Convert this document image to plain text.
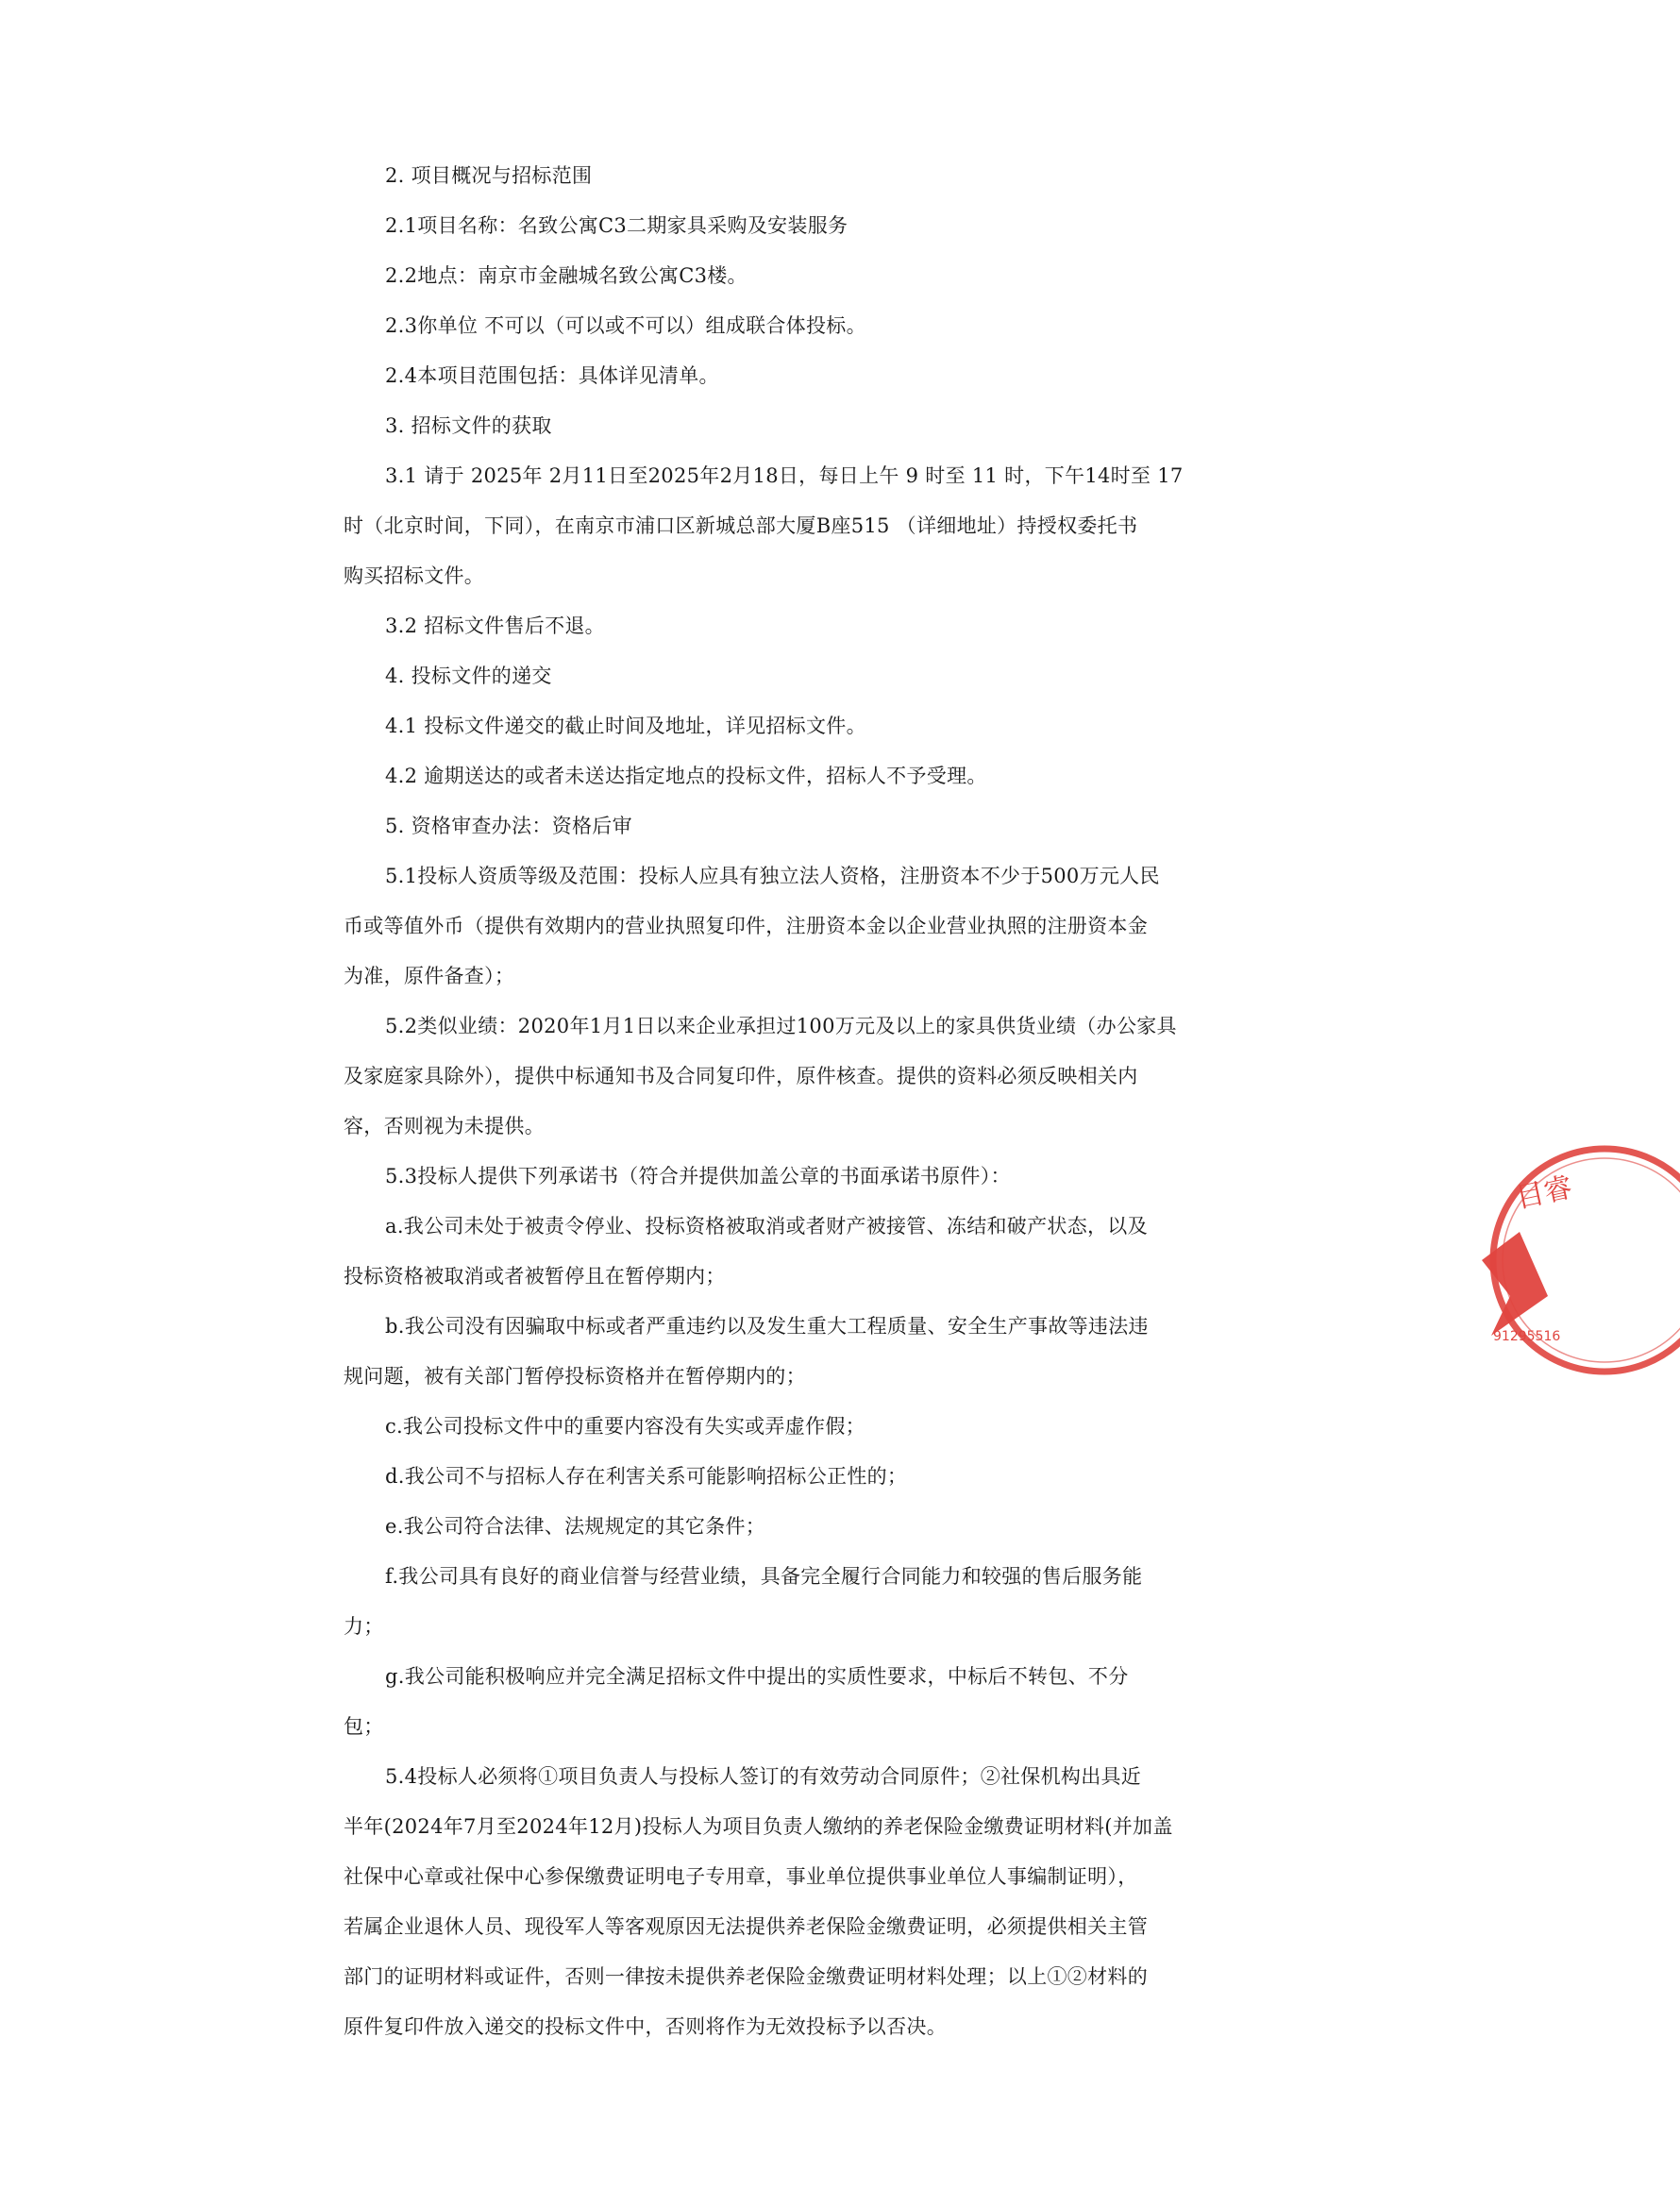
2. 项目概况与招标范围
2.1项目名称：名致公寓C3二期家具采购及安装服务
2.2地点：南京市金融城名致公寓C3楼。
2.3你单位 不可以（可以或不可以）组成联合体投标。
2.4本项目范围包括：具体详见清单。
3. 招标文件的获取
3.1 请于 2025年 2月11日至2025年2月18日，每日上午 9 时至 11 时，下午14时至 17
时（北京时间，下同），在南京市浦口区新城总部大厦B座515 （详细地址）持授权委托书
购买招标文件。
3.2 招标文件售后不退。
4. 投标文件的递交
4.1 投标文件递交的截止时间及地址，详见招标文件。
4.2 逾期送达的或者未送达指定地点的投标文件，招标人不予受理。
5. 资格审查办法：资格后审
5.1投标人资质等级及范围：投标人应具有独立法人资格，注册资本不少于500万元人民
币或等值外币（提供有效期内的营业执照复印件，注册资本金以企业营业执照的注册资本金
为准，原件备查）；
5.2类似业绩：2020年1月1日以来企业承担过100万元及以上的家具供货业绩（办公家具
及家庭家具除外），提供中标通知书及合同复印件，原件核查。提供的资料必须反映相关内
容，否则视为未提供。
5.3投标人提供下列承诺书（符合并提供加盖公章的书面承诺书原件）：
a.我公司未处于被责令停业、投标资格被取消或者财产被接管、冻结和破产状态，以及
投标资格被取消或者被暂停且在暂停期内；
b.我公司没有因骗取中标或者严重违约以及发生重大工程质量、安全生产事故等违法违
规问题，被有关部门暂停投标资格并在暂停期内的；
c.我公司投标文件中的重要内容没有失实或弄虚作假；
d.我公司不与招标人存在利害关系可能影响招标公正性的；
e.我公司符合法律、法规规定的其它条件；
f.我公司具有良好的商业信誉与经营业绩，具备完全履行合同能力和较强的售后服务能
力；
g.我公司能积极响应并完全满足招标文件中提出的实质性要求，中标后不转包、不分
包；
5.4投标人必须将①项目负责人与投标人签订的有效劳动合同原件；②社保机构出具近
半年(2024年7月至2024年12月)投标人为项目负责人缴纳的养老保险金缴费证明材料(并加盖
社保中心章或社保中心参保缴费证明电子专用章，事业单位提供事业单位人事编制证明），
若属企业退休人员、现役军人等客观原因无法提供养老保险金缴费证明，必须提供相关主管
部门的证明材料或证件，否则一律按未提供养老保险金缴费证明材料处理；以上①②材料的
原件复印件放入递交的投标文件中，否则将作为无效投标予以否决。
目睿
91295516
